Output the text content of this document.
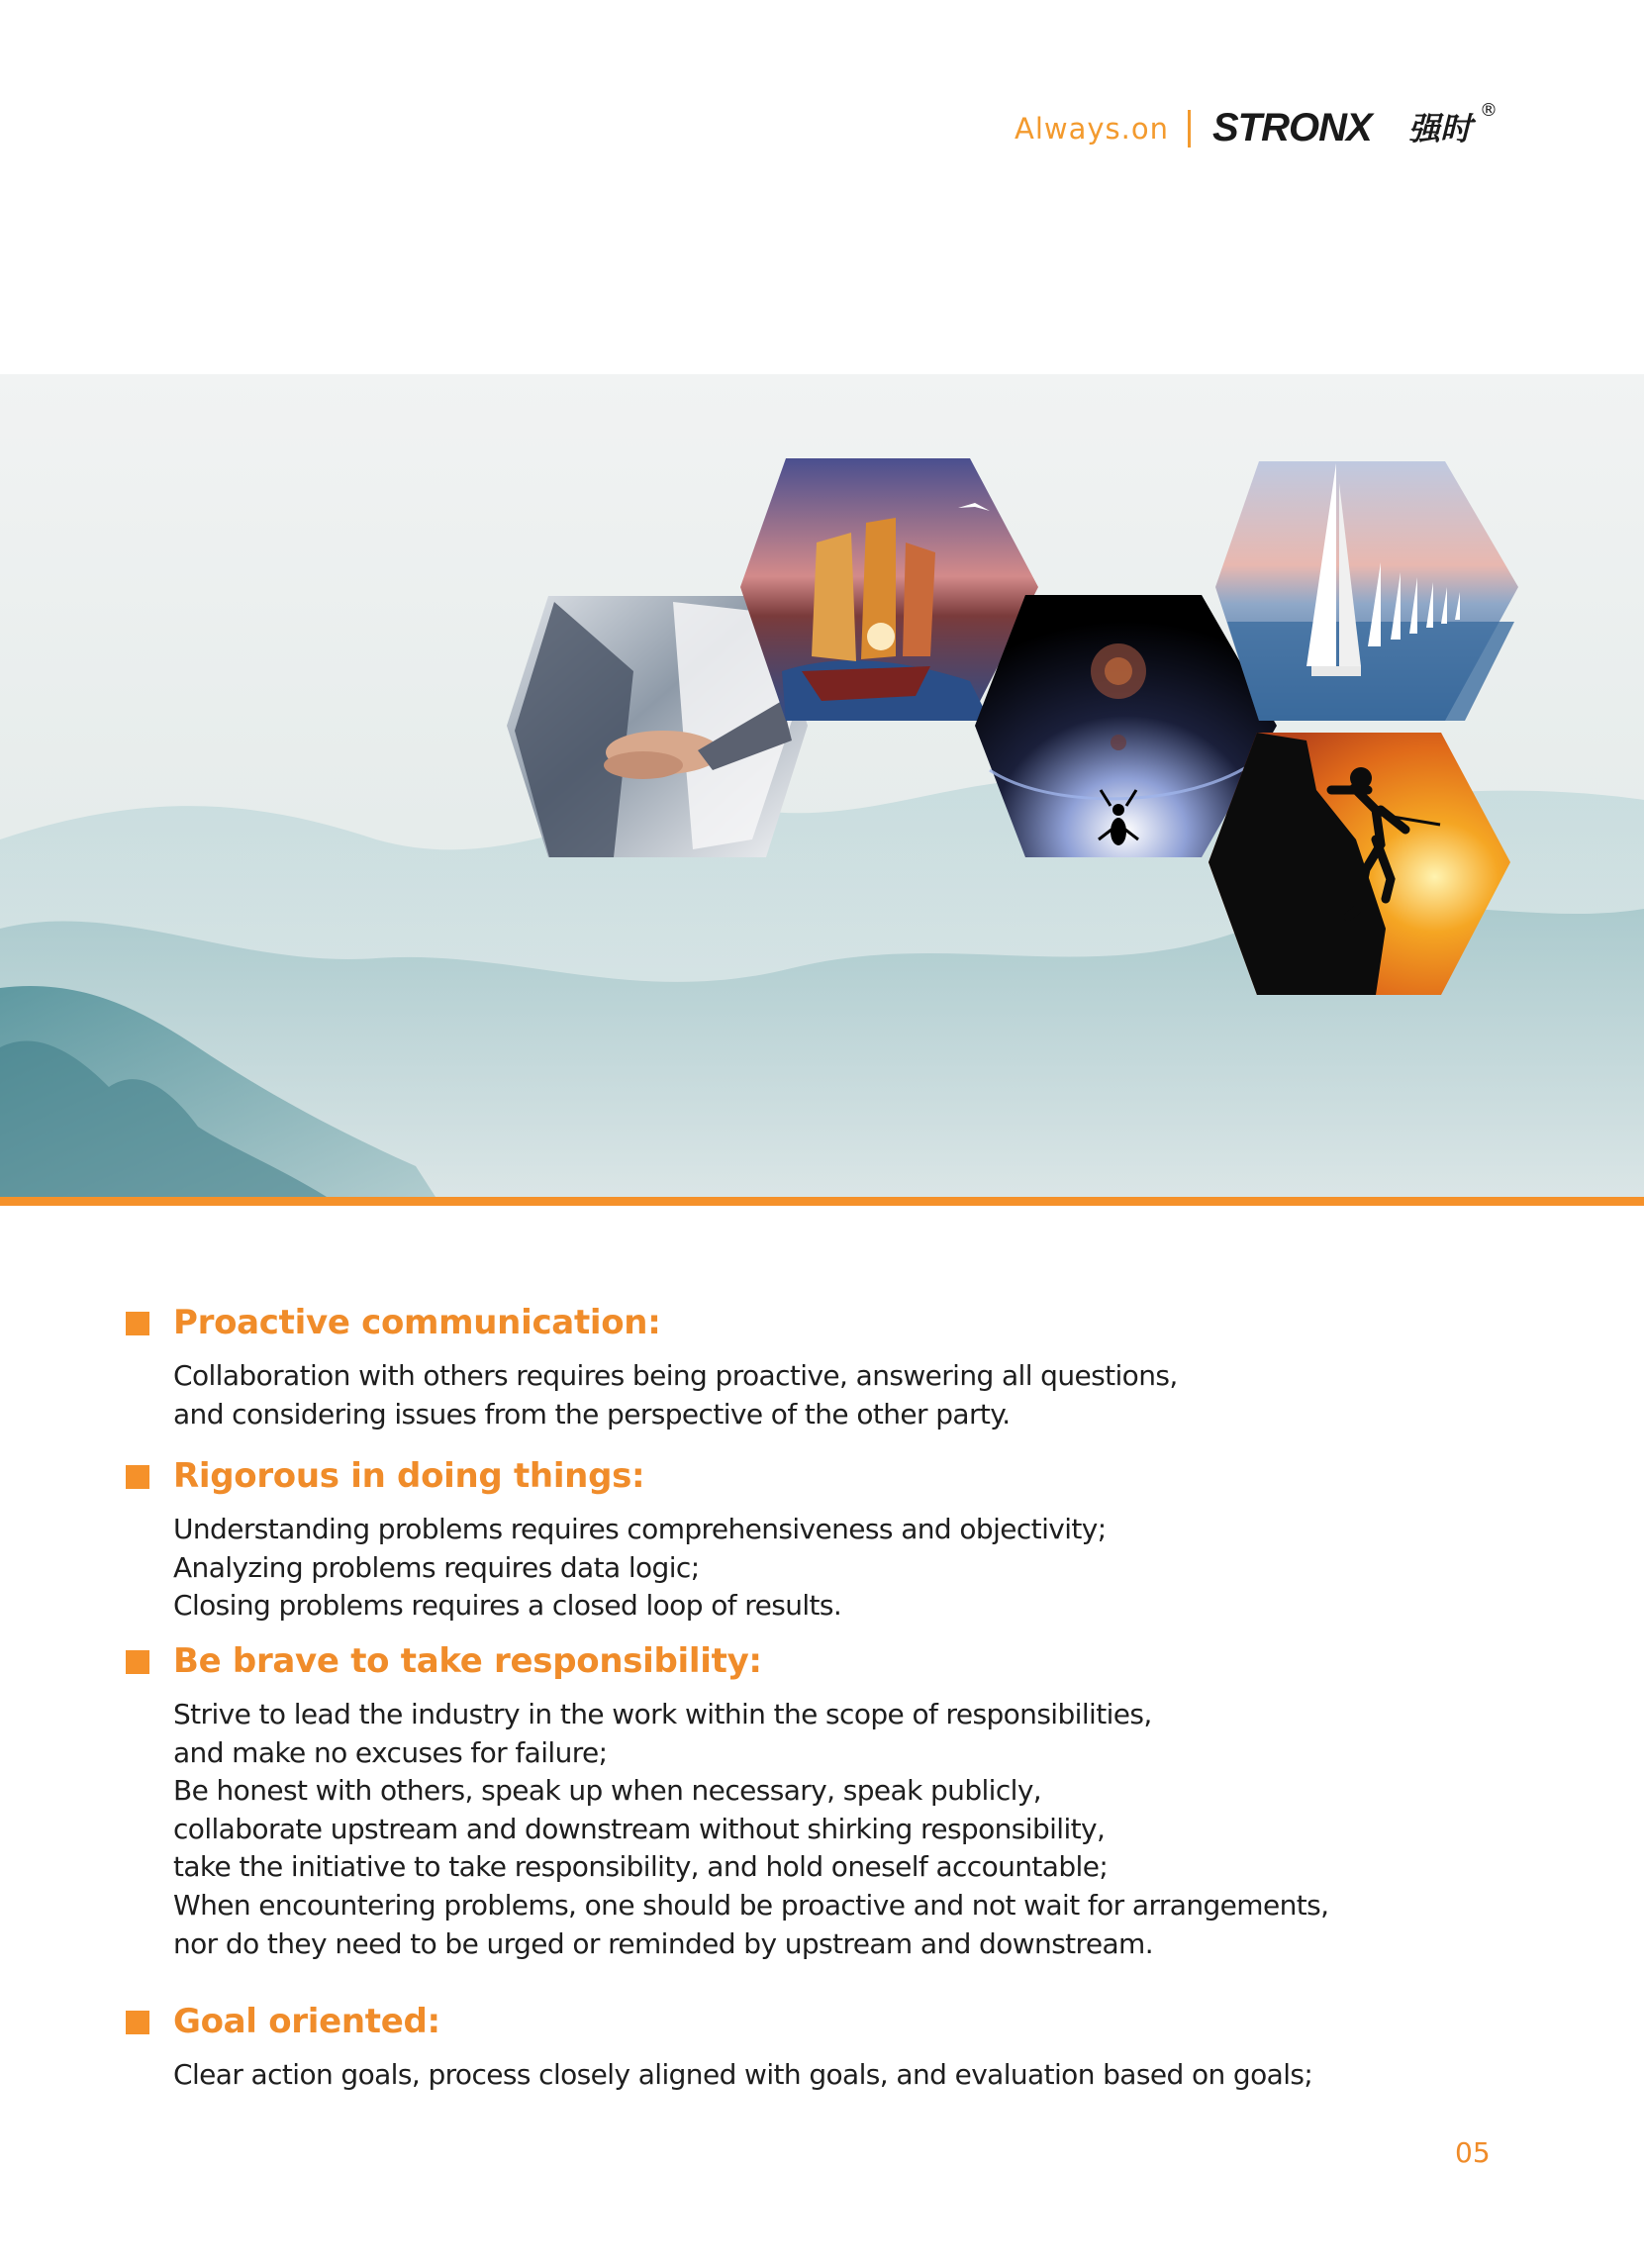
Always.on STRONX 强时 ®
Proactive communication:
Collaboration with others requires being proactive, answering all questions,
and considering issues from the perspective of the other party.
Rigorous in doing things:
Understanding problems requires comprehensiveness and objectivity;
Analyzing problems requires data logic;
Closing problems requires a closed loop of results.
Be brave to take responsibility:
Strive to lead the industry in the work within the scope of responsibilities,
and make no excuses for failure;
Be honest with others, speak up when necessary, speak publicly,
collaborate upstream and downstream without shirking responsibility,
take the initiative to take responsibility, and hold oneself accountable;
When encountering problems, one should be proactive and not wait for arrangements,
nor do they need to be urged or reminded by upstream and downstream.
Goal oriented:
Clear action goals, process closely aligned with goals, and evaluation based on goals;
05
